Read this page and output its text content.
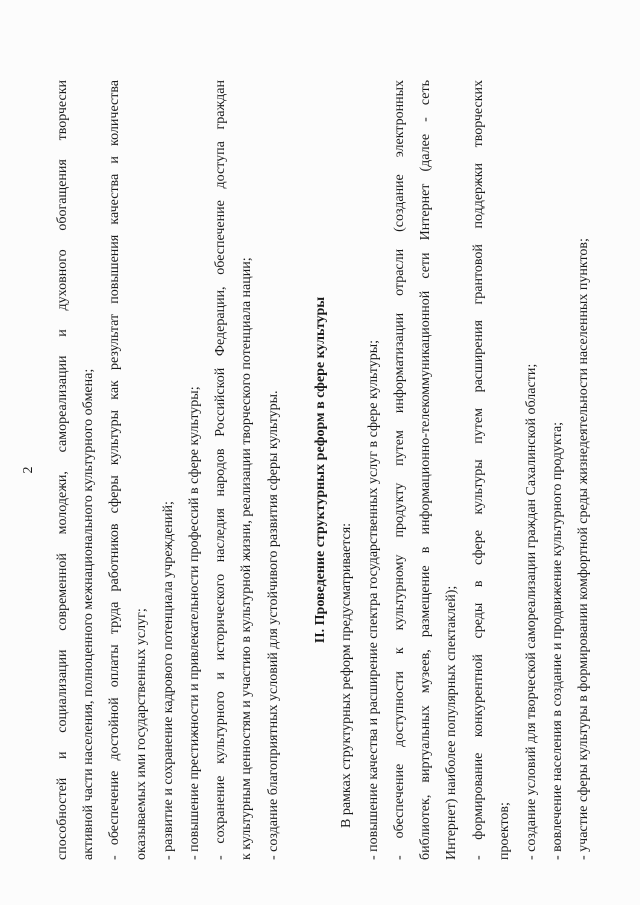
2 способностей и социализации современной молодежи, самореализации и духовного обогащения творчески активной части населения, полноценного межнационального культурного обмена; - обеспечение достойной оплаты труда работников сферы культуры как результат повышения качества и количества оказываемых ими государственных услуг; - развитие и сохранение кадрового потенциала учреждений; - повышение престижности и привлекательности профессий в сфере культуры; - сохранение культурного и исторического наследия народов Российской Федерации, обеспечение доступа граждан к культурным ценностям и участию в культурной жизни, реализации творческого потенциала нации; - создание благоприятных условий для устойчивого развития сферы культуры. II. Проведение структурных реформ в сфере культуры
В рамках структурных реформ предусматривается: - повышение качества и расширение спектра государственных услуг в сфере культуры; - обеспечение доступности к культурному продукту путем информатизации отрасли (создание электронных библиотек, виртуальных музеев, размещение в информационно-телекоммуникационной сети Интернет (далее - сеть Интернет) наиболее популярных спектаклей); - формирование конкурентной среды в сфере культуры путем расширения грантовой поддержки творческих проектов; - создание условий для творческой самореализации граждан Сахалинской области; - вовлечение населения в создание и продвижение культурного продукта; - участие сферы культуры в формировании комфортной среды жизнедеятельности населенных пунктов;
